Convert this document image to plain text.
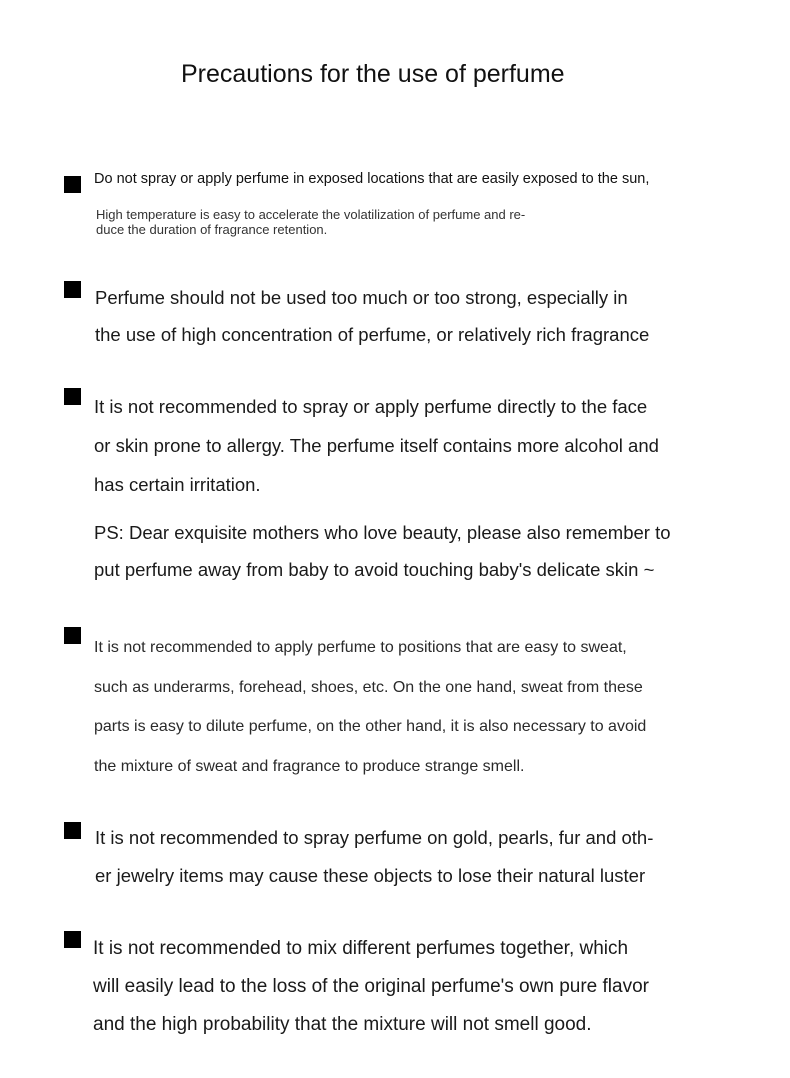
Precautions for the use of perfume
Do not spray or apply perfume in exposed locations that are easily exposed to the sun,
High temperature is easy to accelerate the volatilization of perfume and re-
duce the duration of fragrance retention.
Perfume should not be used too much or too strong, especially in
the use of high concentration of perfume, or relatively rich fragrance
It is not recommended to spray or apply perfume directly to the face
or skin prone to allergy. The perfume itself contains more alcohol and
has certain irritation.
PS: Dear exquisite mothers who love beauty, please also remember to
put perfume away from baby to avoid touching baby's delicate skin ~
It is not recommended to apply perfume to positions that are easy to sweat,
such as underarms, forehead, shoes, etc. On the one hand, sweat from these
parts is easy to dilute perfume, on the other hand, it is also necessary to avoid
the mixture of sweat and fragrance to produce strange smell.
It is not recommended to spray perfume on gold, pearls, fur and oth-
er jewelry items may cause these objects to lose their natural luster
It is not recommended to mix different perfumes together, which
will easily lead to the loss of the original perfume's own pure flavor
and the high probability that the mixture will not smell good.
